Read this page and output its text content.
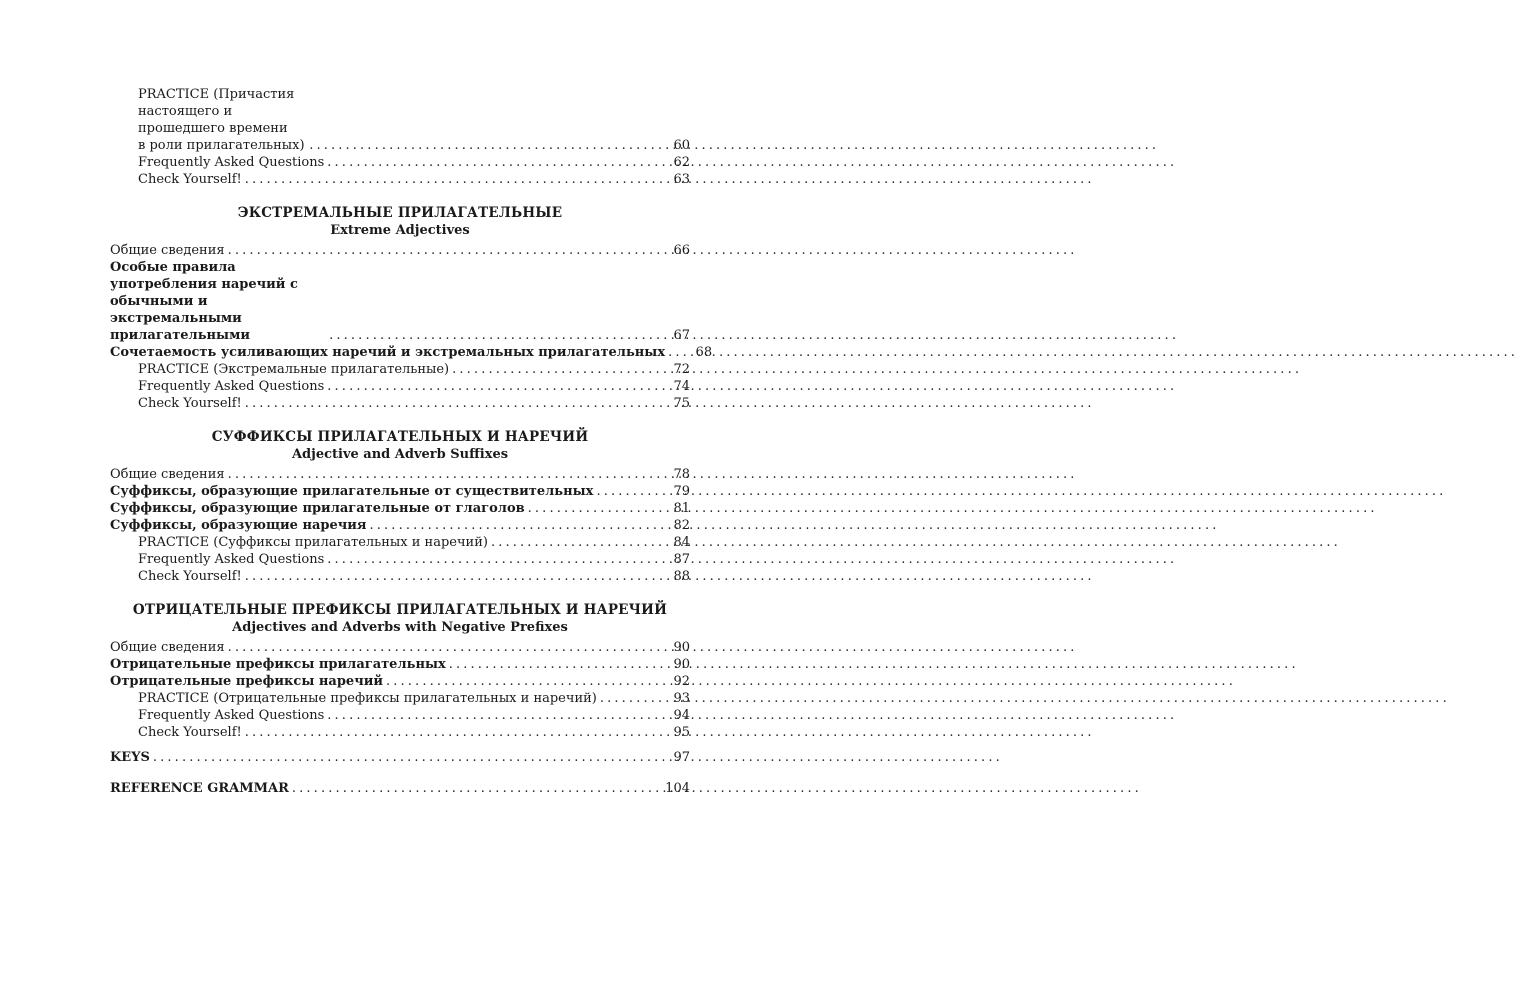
PRACTICE (Причастия настоящего и прошедшего времени
в роли прилагательных) . . .	60
Frequently Asked Questions . . .	62
Check Yourself! . . .	63
ЭКСТРЕМАЛЬНЫЕ ПРИЛАГАТЕЛЬНЫЕ
Extreme Adjectives
Общие сведения . . .	66
Особые правила употребления наречий с обычными и экстремальными
прилагательными . . .	67
Сочетаемость усиливающих наречий и экстремальных прилагательных . . .	68
PRACTICE (Экстремальные прилагательные) . . .	72
Frequently Asked Questions . . .	74
Check Yourself! . . .	75
СУФФИКСЫ ПРИЛАГАТЕЛЬНЫХ И НАРЕЧИЙ
Adjective and Adverb Suffixes
Общие сведения . . .	78
Суффиксы, образующие прилагательные от существительных . . .	79
Суффиксы, образующие прилагательные от глаголов . . .	81
Суффиксы, образующие наречия . . .	82
PRACTICE (Суффиксы прилагательных и наречий) . . .	84
Frequently Asked Questions . . .	87
Check Yourself! . . .	88
ОТРИЦАТЕЛЬНЫЕ ПРЕФИКСЫ ПРИЛАГАТЕЛЬНЫХ И НАРЕЧИЙ
Adjectives and Adverbs with Negative Prefixes
Общие сведения . . .	90
Отрицательные префиксы прилагательных . . .	90
Отрицательные префиксы наречий . . .	92
PRACTICE (Отрицательные префиксы прилагательных и наречий) . . .	93
Frequently Asked Questions . . .	94
Check Yourself! . . .	95
KEYS . . .	97
REFERENCE GRAMMAR . . .	104
